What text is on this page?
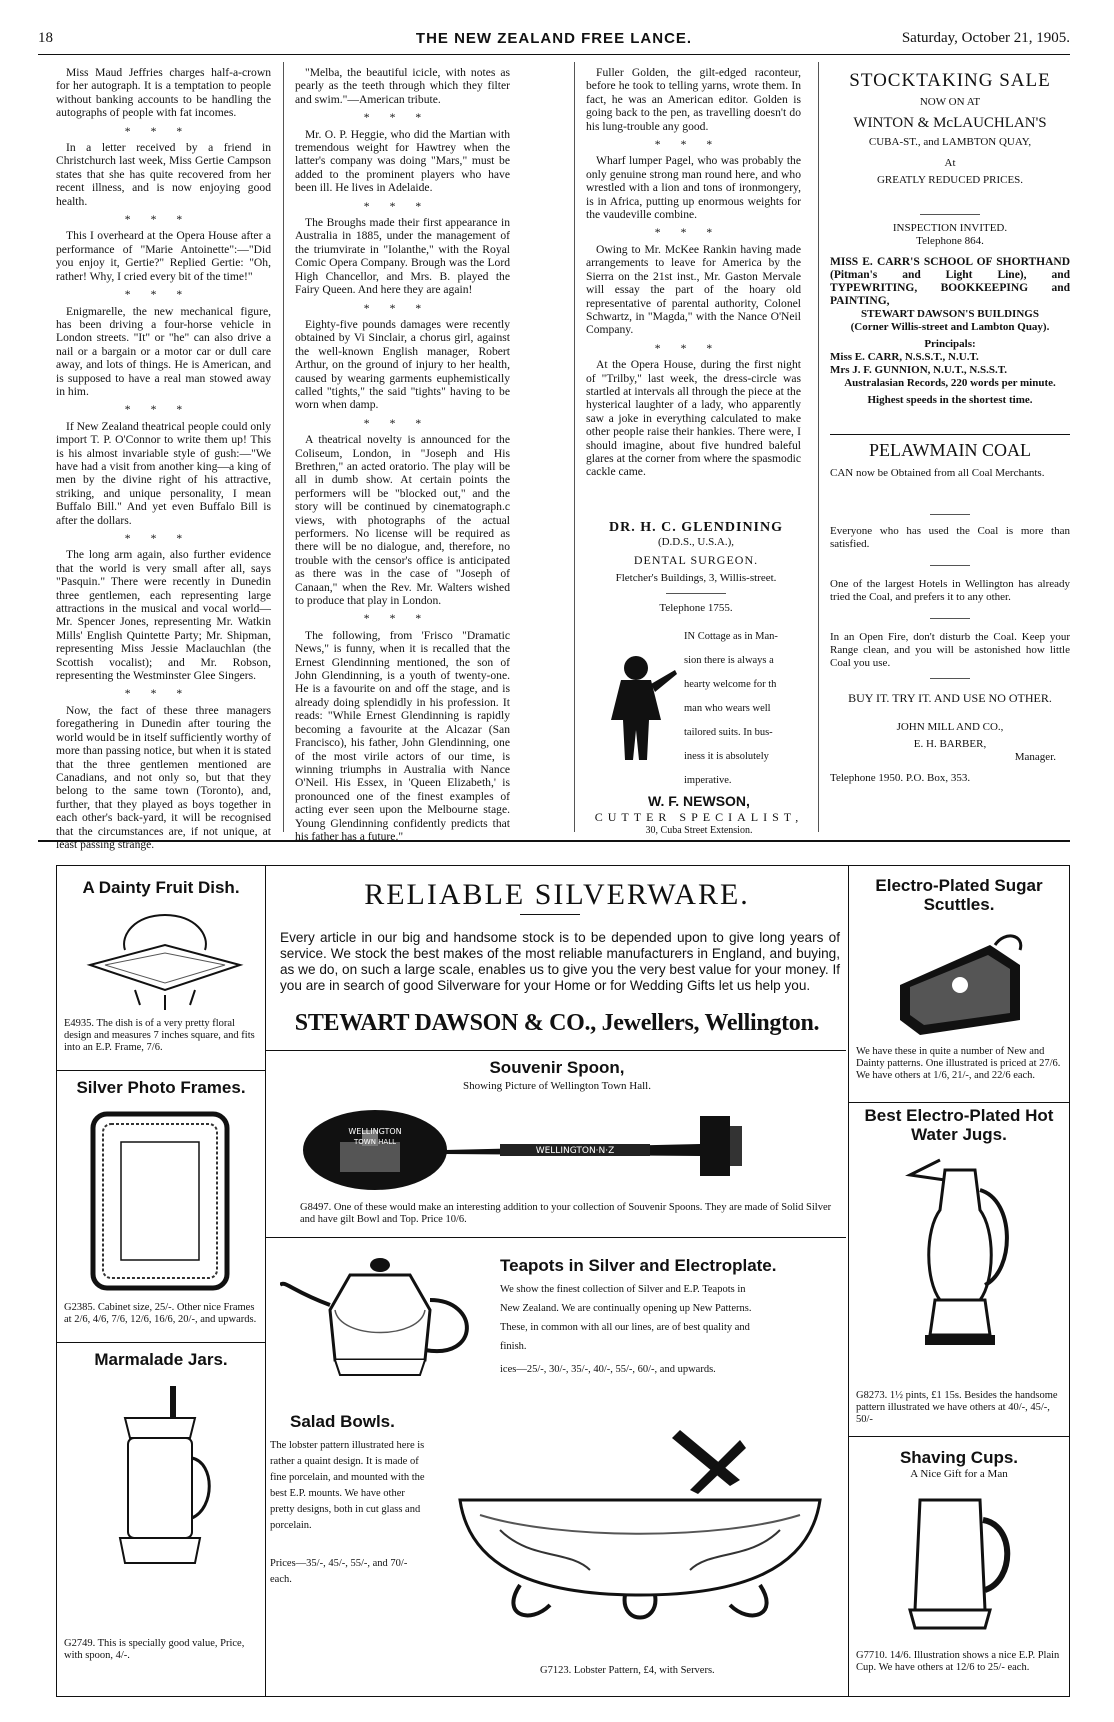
18	THE NEW ZEALAND FREE LANCE.	Saturday, October 21, 1905.

Miss Maud Jeffries charges half-a-crown for her autograph. It is a temptation to people without banking accounts to be handling the autographs of people with fat incomes.

***

In a letter received by a friend in Christchurch last week, Miss Gertie Campson states that she has quite recovered from her recent illness, and is now enjoying good health.

***

This I overheard at the Opera House after a performance of "Marie Antoinette":—"Did you enjoy it, Gertie?" Replied Gertie: "Oh, rather! Why, I cried every bit of the time!"

***

Enigmarelle, the new mechanical figure, has been driving a four-horse vehicle in London streets. "It" or "he" can also drive a nail or a bargain or a motor car or dull care away, and lots of things. He is American, and is supposed to have a real man stowed away in him.

***

If New Zealand theatrical people could only import T. P. O'Connor to write them up! This is his almost invariable style of gush:—"We have had a visit from another king—a king of men by the divine right of his attractive, striking, and unique personality, I mean Buffalo Bill." And yet even Buffalo Bill is after the dollars.

***

The long arm again, also further evidence that the world is very small after all, says "Pasquin." There were recently in Dunedin three gentlemen, each representing large attractions in the musical and vocal world—Mr. Spencer Jones, representing Mr. Watkin Mills' English Quintette Party; Mr. Shipman, representing Miss Jessie Maclauchlan (the Scottish vocalist); and Mr. Robson, representing the Westminster Glee Singers.

***

Now, the fact of these three managers foregathering in Dunedin after touring the world would be in itself sufficiently worthy of more than passing notice, but when it is stated that the three gentlemen mentioned are Canadians, and not only so, but that they belong to the same town (Toronto), and, further, that they played as boys together in each other's back-yard, it will be recognised that the circumstances are, if not unique, at least passing strange.

"Melba, the beautiful icicle, with notes as pearly as the teeth through which they filter and swim."—American tribute.

***

Mr. O. P. Heggie, who did the Martian with tremendous weight for Hawtrey when the latter's company was doing "Mars," must be added to the prominent players who have been ill. He lives in Adelaide.

***

The Broughs made their first appearance in Australia in 1885, under the management of the triumvirate in "Iolanthe," with the Royal Comic Opera Company. Brough was the Lord High Chancellor, and Mrs. B. played the Fairy Queen. And here they are again!

***

Eighty-five pounds damages were recently obtained by Vi Sinclair, a chorus girl, against the well-known English manager, Robert Arthur, on the ground of injury to her health, caused by wearing garments euphemistically called "tights," the said "tights" having to be worn when damp.

***

A theatrical novelty is announced for the Coliseum, London, in "Joseph and His Brethren," an acted oratorio. The play will be all in dumb show. At certain points the performers will be "blocked out," and the story will be continued by cinematograph.c views, with photographs of the actual performers. No license will be required as there will be no dialogue, and, therefore, no trouble with the censor's office is anticipated as there was in the case of "Joseph of Canaan," when the Rev. Mr. Walters wished to produce that play in London.

***

The following, from 'Frisco "Dramatic News," is funny, when it is recalled that the Ernest Glendinning mentioned, the son of John Glendinning, is a youth of twenty-one. He is a favourite on and off the stage, and is already doing splendidly in his profession. It reads: "While Ernest Glendinning is rapidly becoming a favourite at the Alcazar (San Francisco), his father, John Glendinning, one of the most virile actors of our time, is winning triumphs in Australia with Nance O'Neil. His Essex, in 'Queen Elizabeth,' is pronounced one of the finest examples of acting ever seen upon the Melbourne stage. Young Glendinning confidently predicts that his father has a future."

Fuller Golden, the gilt-edged raconteur, before he took to telling yarns, wrote them. In fact, he was an American editor. Golden is going back to the pen, as travelling doesn't do his lung-trouble any good.

***

Wharf lumper Pagel, who was probably the only genuine strong man round here, and who wrestled with a lion and tons of ironmongery, is in Africa, putting up enormous weights for the vaudeville combine.

***

Owing to Mr. McKee Rankin having made arrangements to leave for America by the Sierra on the 21st inst., Mr. Gaston Mervale will essay the part of the hoary old representative of parental authority, Colonel Schwartz, in "Magda," with the Nance O'Neil Company.

***

At the Opera House, during the first night of "Trilby," last week, the dress-circle was startled at intervals all through the piece at the hysterical laughter of a lady, who apparently saw a joke in everything calculated to make other people raise their hankies. There were, I should imagine, about five hundred baleful glares at the corner from where the spasmodic cackle came.

DR. H. C. GLENDINING
(D.D.S., U.S.A.),
DENTAL SURGEON.
Fletcher's Buildings, 3, Willis-street.
Telephone 1755.
IN Cottage as in Man-
sion there is always a
hearty welcome for th
man who wears well
tailored suits. In bus-
iness it is absolutely
imperative.
W. F. NEWSON,
CUTTER SPECIALIST,
30, Cuba Street Extension.
STOCKTAKING SALE
NOW ON AT
WINTON & McLAUCHLAN'S
CUBA-ST., and LAMBTON QUAY,
At
GREATLY REDUCED PRICES.
INSPECTION INVITED.
Telephone 864.
MISS E. CARR'S SCHOOL OF SHORTHAND (Pitman's and Light Line), and TYPEWRITING, BOOKKEEPING and PAINTING,
STEWART DAWSON'S BUILDINGS
(Corner Willis-street and Lambton Quay).
Principals:
Miss E. CARR, N.S.S.T., N.U.T.
Mrs J. F. GUNNION, N.U.T., N.S.S.T.
Australasian Records, 220 words per minute.
Highest speeds in the shortest time.
PELAWMAIN COAL

CAN now be Obtained from all Coal Merchants.

Everyone who has used the Coal is more than satisfied.

One of the largest Hotels in Wellington has already tried the Coal, and prefers it to any other.

In an Open Fire, don't disturb the Coal. Keep your Range clean, and you will be astonished how little Coal you use.

BUY IT. TRY IT. AND USE NO OTHER.

JOHN MILL AND CO.,

E. H. BARBER,

Manager.

Telephone 1950. P.O. Box, 353.

A Dainty Fruit Dish.
E4935. The dish is of a very pretty floral design and measures 7 inches square, and fits into an E.P. Frame, 7/6.
Silver Photo Frames.
G2385. Cabinet size, 25/-. Other nice Frames at 2/6, 4/6, 7/6, 12/6, 16/6, 20/-, and upwards.
Marmalade Jars.
G2749. This is specially good value, Price, with spoon, 4/-.
RELIABLE SILVERWARE.
Every article in our big and handsome stock is to be depended upon to give long years of service. We stock the best makes of the most reliable manufacturers in England, and buying, as we do, on such a large scale, enables us to give you the very best value for your money. If you are in search of good Silverware for your Home or for Wedding Gifts let us help you.
STEWART DAWSON & CO., Jewellers, Wellington.
Souvenir Spoon,
Showing Picture of Wellington Town Hall.
WELLINGTON
TOWN HALL
WELLINGTON·N·Z
G8497. One of these would make an interesting addition to your collection of Souvenir Spoons. They are made of Solid Silver and have gilt Bowl and Top. Price 10/6.
Teapots in Silver and Electroplate.
We show the finest collection of Silver and E.P. Teapots in New Zealand. We are continually opening up New Patterns. These, in common with all our lines, are of best quality and finish.
ices—25/-, 30/-, 35/-, 40/-, 55/-, 60/-, and upwards.
Salad Bowls.
The lobster pattern illustrated here is rather a quaint design. It is made of fine porcelain, and mounted with the best E.P. mounts. We have other pretty designs, both in cut glass and porcelain.
Prices—35/-, 45/-, 55/-, and 70/- each.
G7123. Lobster Pattern, £4, with Servers.
Electro-Plated Sugar Scuttles.
We have these in quite a number of New and Dainty patterns. One illustrated is priced at 27/6. We have others at 1/6, 21/-, and 22/6 each.
Best Electro-Plated Hot Water Jugs.
G8273. 1½ pints, £1 15s. Besides the handsome pattern illustrated we have others at 40/-, 45/-, 50/-
Shaving Cups.
A Nice Gift for a Man
G7710. 14/6. Illustration shows a nice E.P. Plain Cup. We have others at 12/6 to 25/- each.
